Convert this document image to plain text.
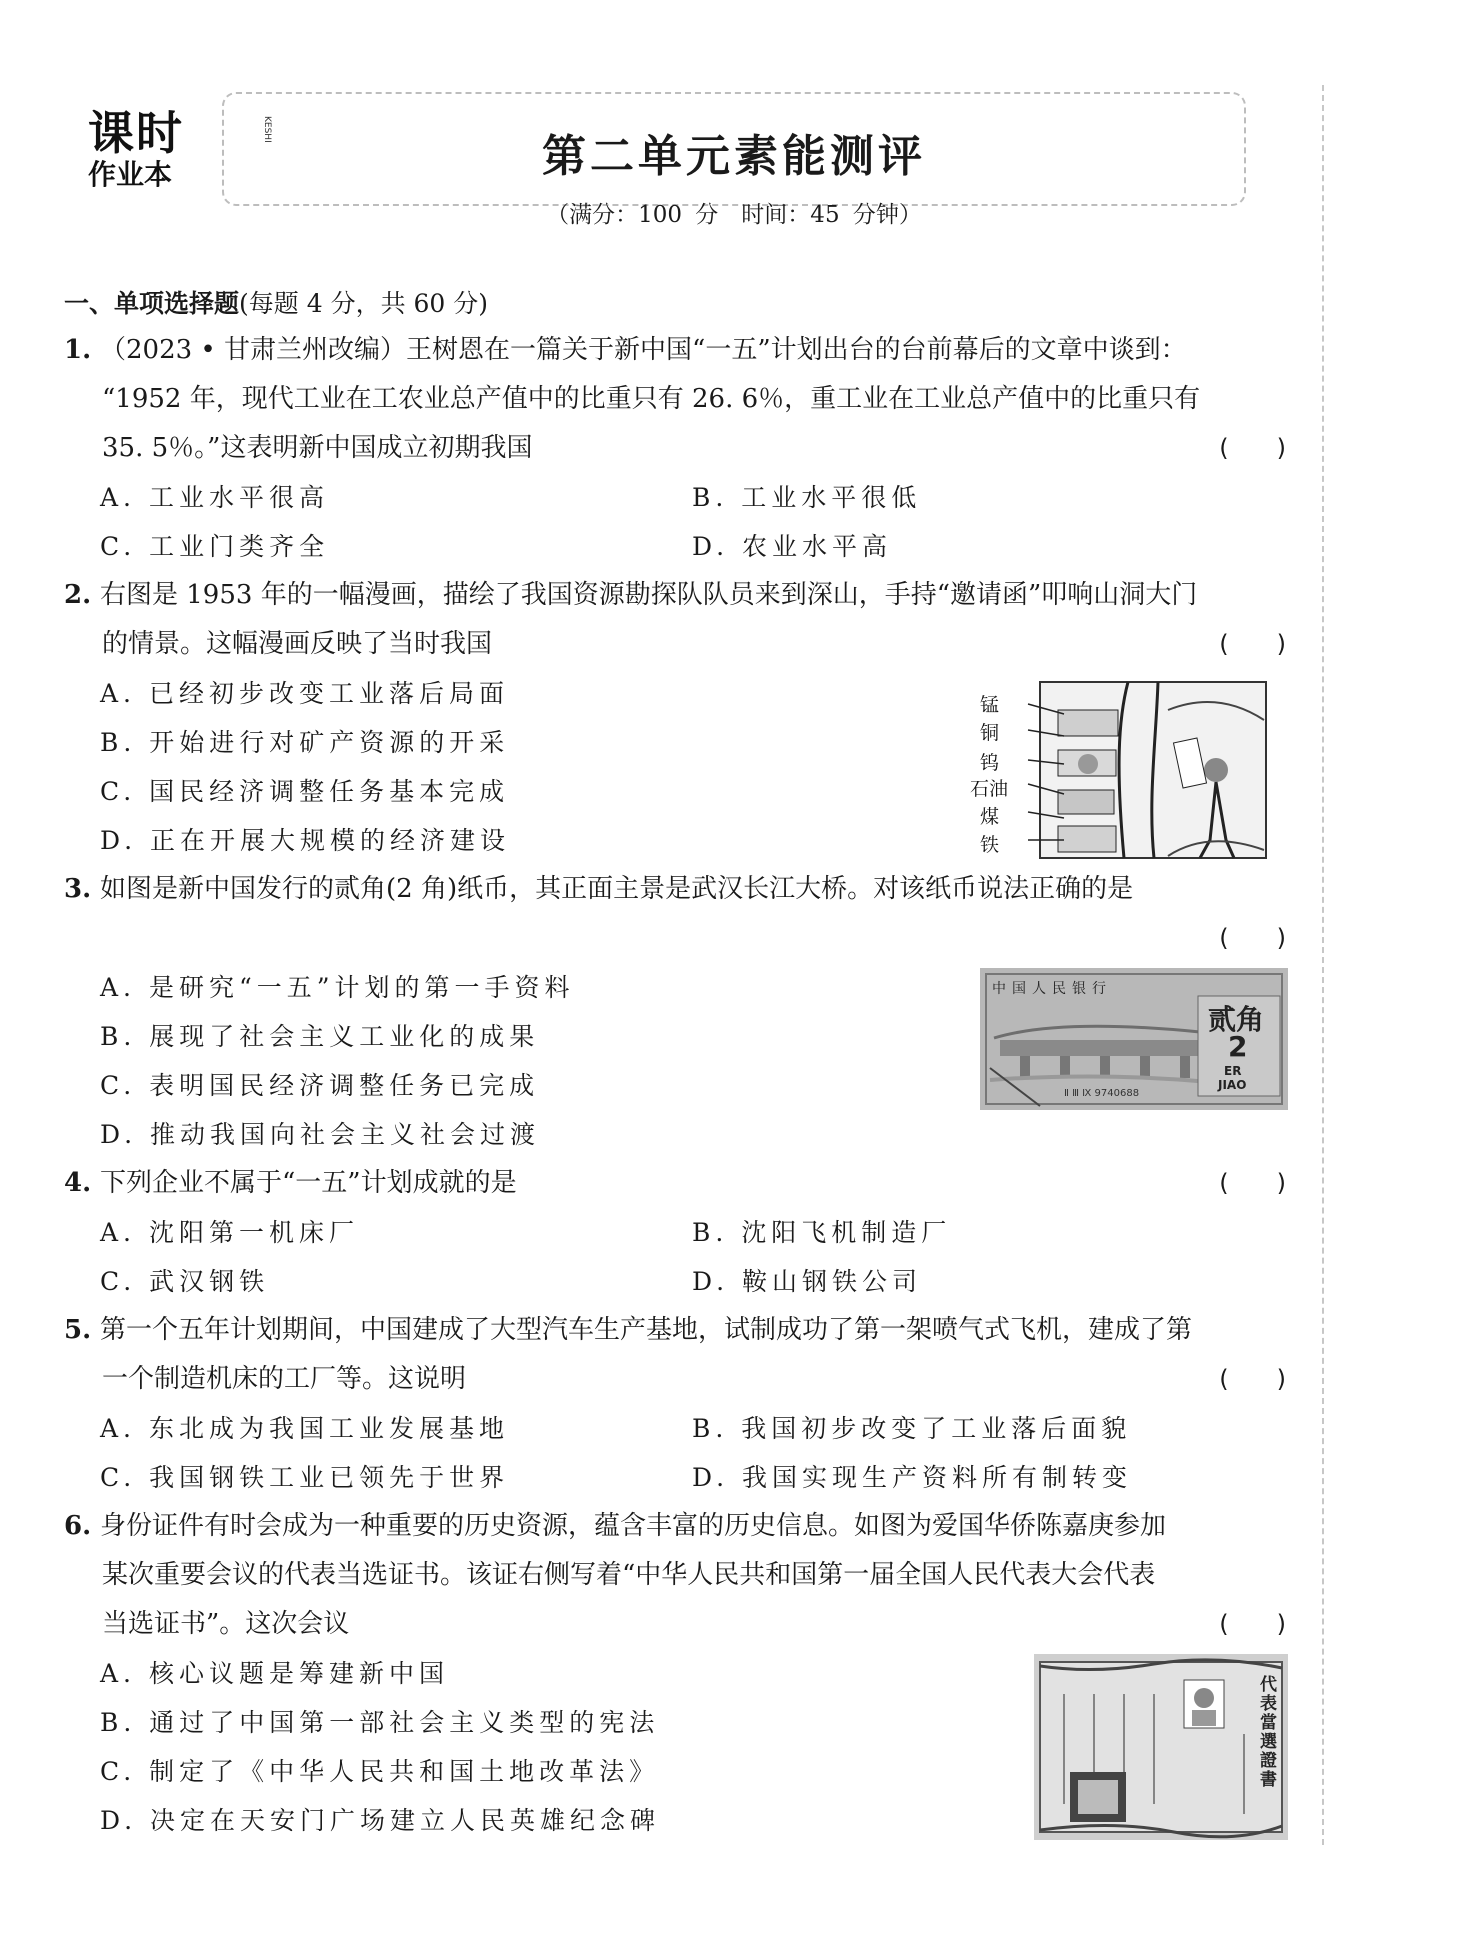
课时
作业本
KESHI
第二单元素能测评
（满分：100 分　时间：45 分钟）
一、单项选择题(每题 4 分，共 60 分)
1. （2023 • 甘肃兰州改编）王树恩在一篇关于新中国“一五”计划出台的台前幕后的文章中谈到：
“1952 年，现代工业在工农业总产值中的比重只有 26. 6％，重工业在工业总产值中的比重只有
35. 5％。”这表明新中国成立初期我国	(　　)
A. 工业水平很高	B. 工业水平很低
C. 工业门类齐全	D. 农业水平高
2. 右图是 1953 年的一幅漫画，描绘了我国资源勘探队队员来到深山，手持“邀请函”叩响山洞大门
的情景。这幅漫画反映了当时我国	(　　)
A. 已经初步改变工业落后局面
B. 开始进行对矿产资源的开采
C. 国民经济调整任务基本完成
D. 正在开展大规模的经济建设
锰
铜
钨
石油
煤
铁
3. 如图是新中国发行的贰角(2 角)纸币，其正面主景是武汉长江大桥。对该纸币说法正确的是
(　　)
A. 是研究“一五”计划的第一手资料
B. 展现了社会主义工业化的成果
C. 表明国民经济调整任务已完成
D. 推动我国向社会主义社会过渡
中国人民银行
贰角
2
ER
JIAO
Ⅱ Ⅲ Ⅸ 9740688
4. 下列企业不属于“一五”计划成就的是	(　　)
A. 沈阳第一机床厂	B. 沈阳飞机制造厂
C. 武汉钢铁	D. 鞍山钢铁公司
5. 第一个五年计划期间，中国建成了大型汽车生产基地，试制成功了第一架喷气式飞机，建成了第
一个制造机床的工厂等。这说明	(　　)
A. 东北成为我国工业发展基地	B. 我国初步改变了工业落后面貌
C. 我国钢铁工业已领先于世界	D. 我国实现生产资料所有制转变
6. 身份证件有时会成为一种重要的历史资源，蕴含丰富的历史信息。如图为爱国华侨陈嘉庚参加
某次重要会议的代表当选证书。该证右侧写着“中华人民共和国第一届全国人民代表大会代表
当选证书”。这次会议	(　　)
A. 核心议题是筹建新中国
B. 通过了中国第一部社会主义类型的宪法
C. 制定了《中华人民共和国土地改革法》
D. 决定在天安门广场建立人民英雄纪念碑
代表當選證書
